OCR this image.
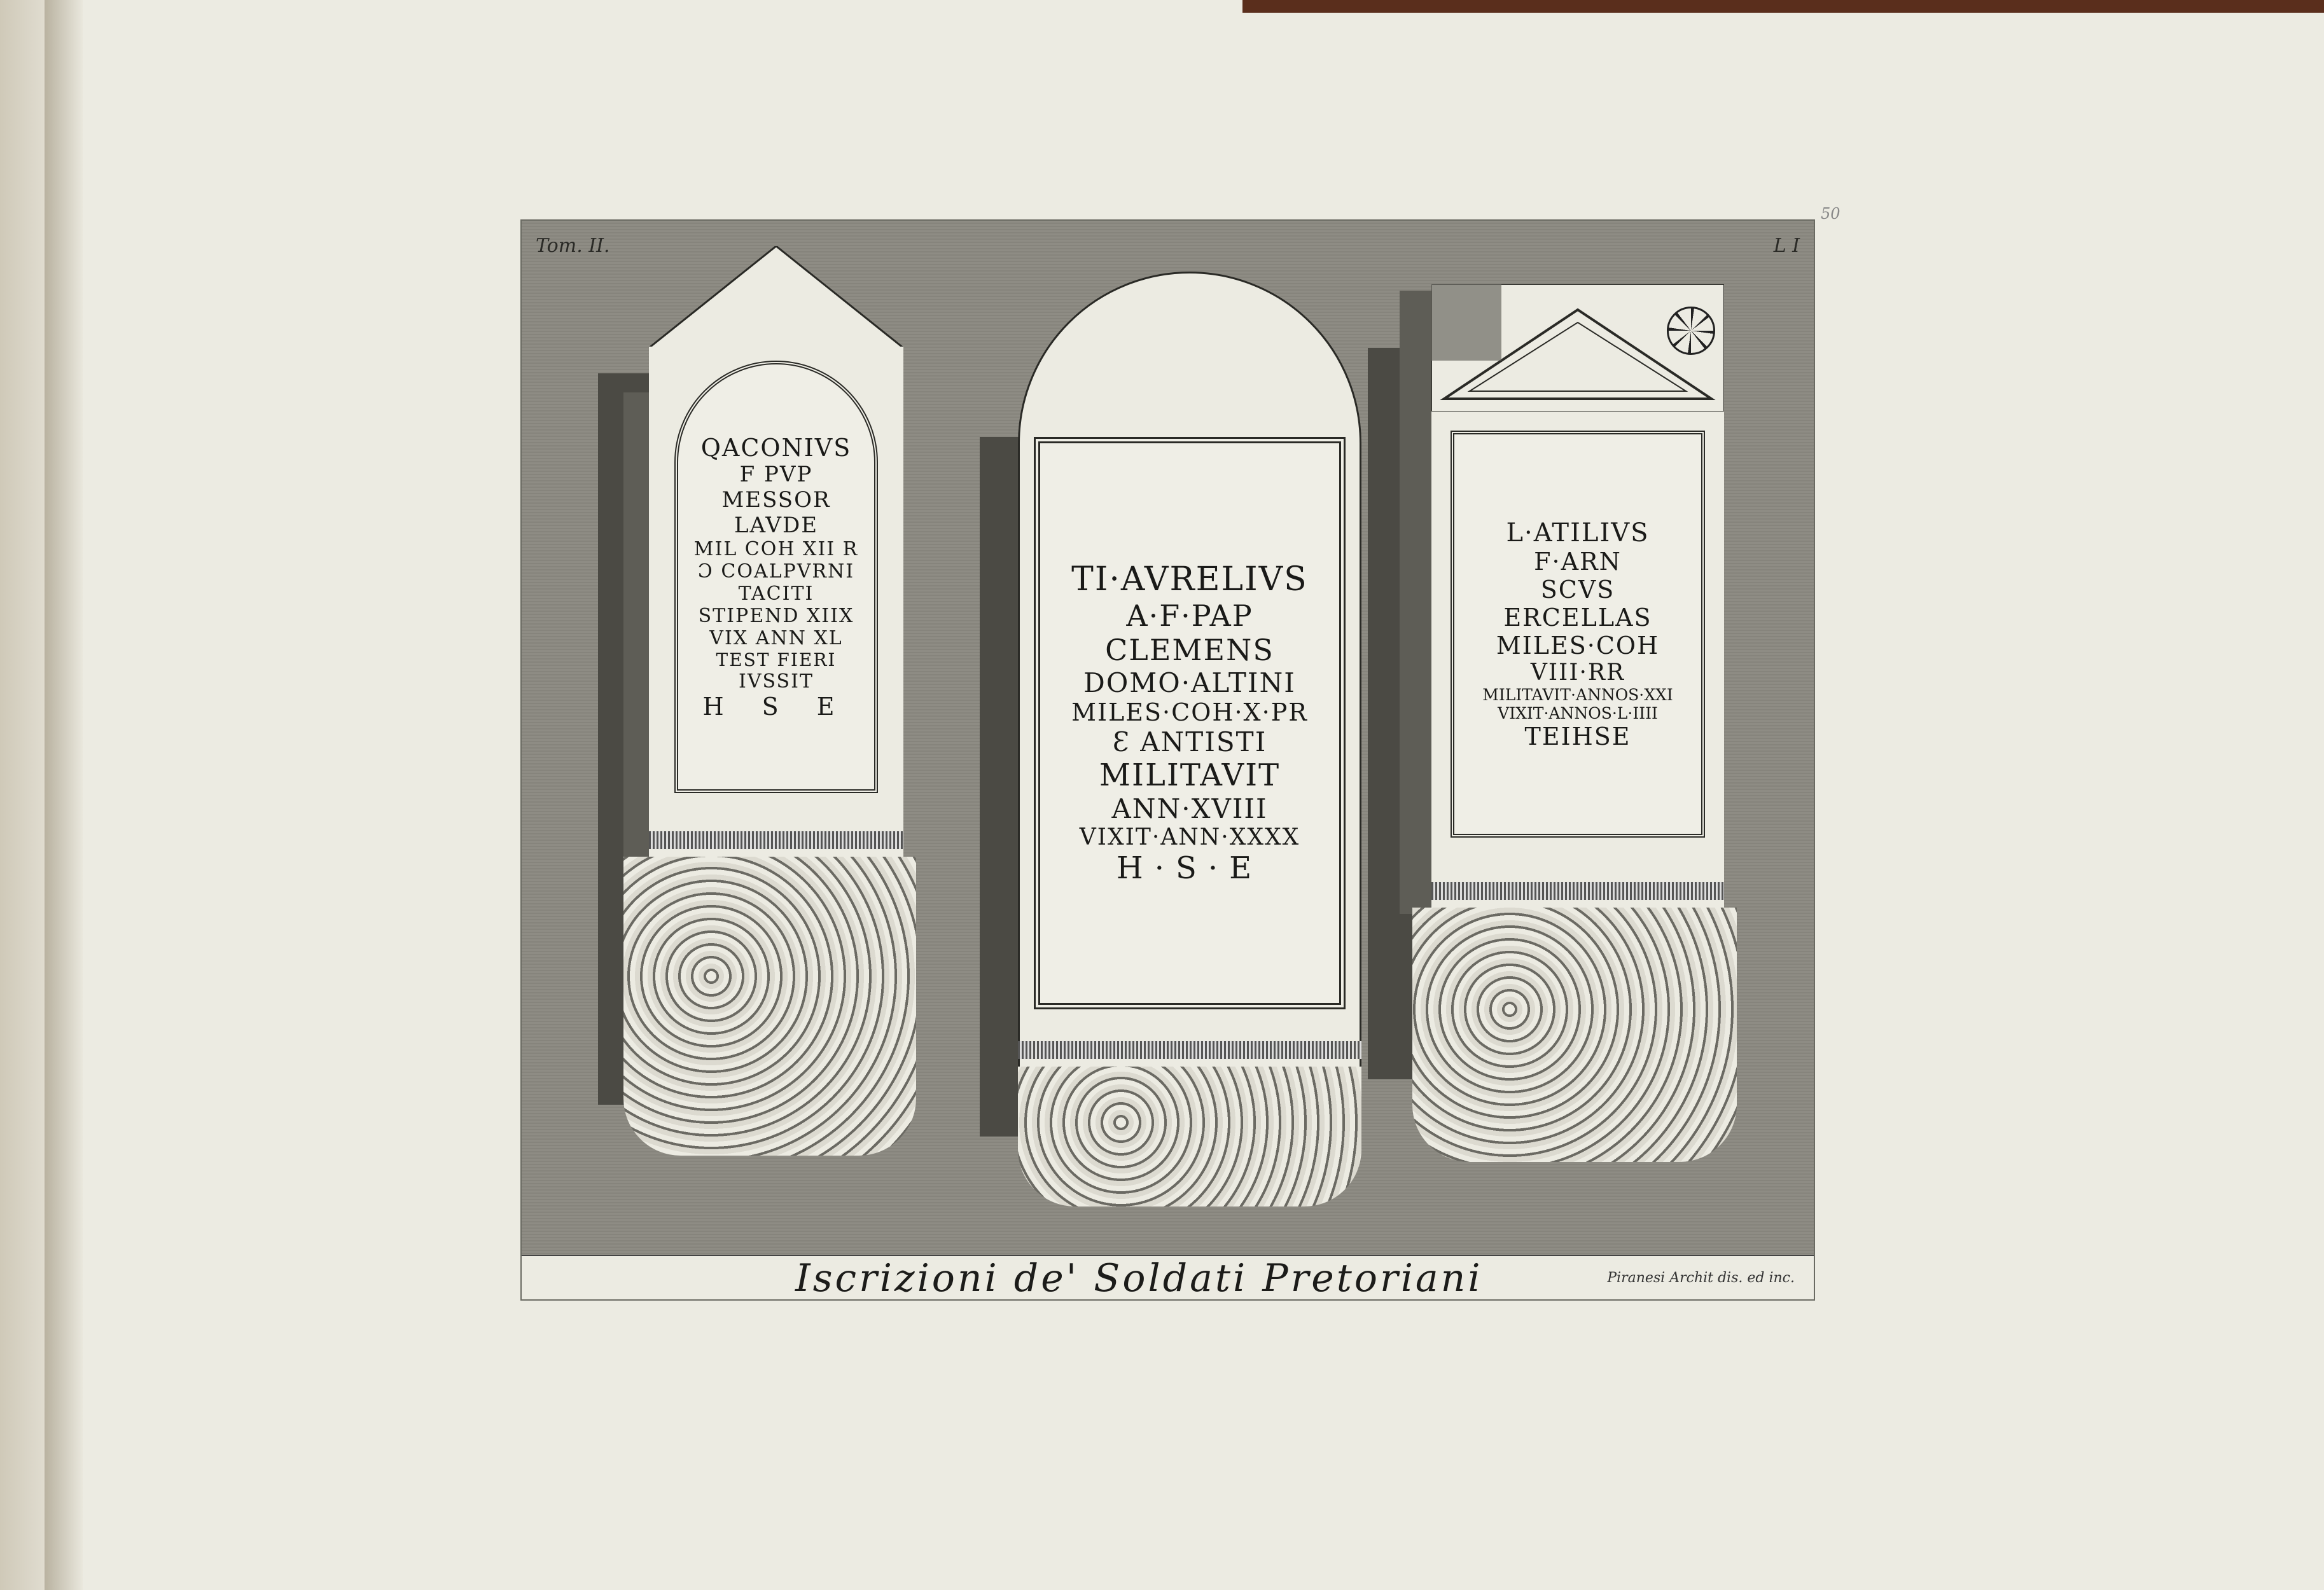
50
Tom. II.	L I
QACONIVS
F PVP
MESSOR
LAVDE
MIL COH XII R
Ɔ COALPVRNI
TACITI
STIPEND XIIX
VIX ANN XL
TEST FIERI
IVSSIT
H S E
TI·AVRELIVS
A·F·PAP
CLEMENS
DOMO·ALTINI
MILES·COH·X·PR
Ɛ ANTISTI
MILITAVIT
ANN·XVIII
VIXIT·ANN·XXXX
H·S·E
L·ATILIVS
F·ARN
SCVS
ERCELLAS
MILES·COH
VIII·RR
MILITAVIT·ANNOS·XXI
VIXIT·ANNOS·L·IIII
TEIHSE
Iscrizioni de' Soldati Pretoriani	Piranesi Archit dis. ed inc.
